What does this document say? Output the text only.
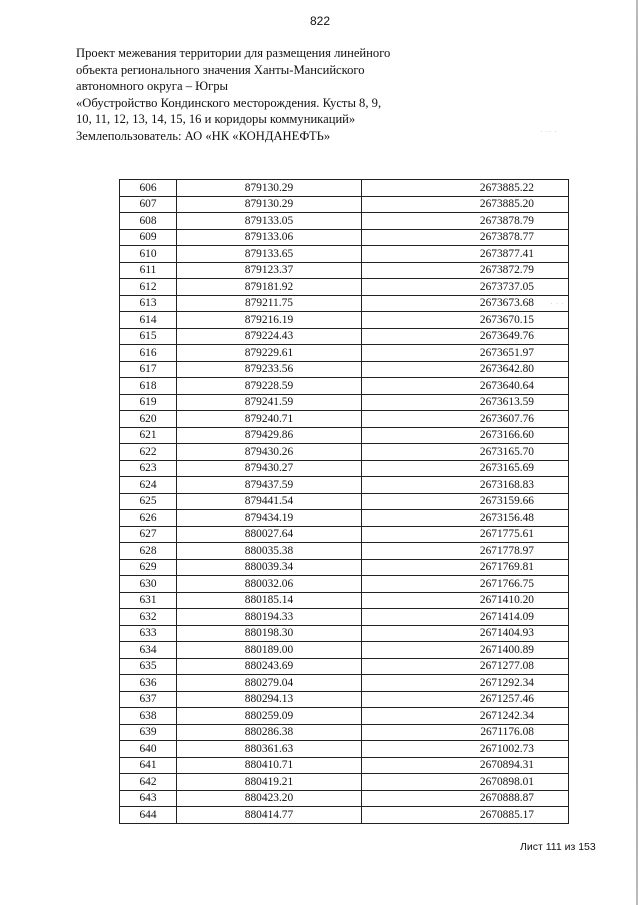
822
Проект межевания территории для размещения линейного
объекта регионального значения Ханты-Мансийского
автономного округа – Югры
«Обустройство Кондинского месторождения. Кусты 8, 9,
10, 11, 12, 13, 14, 15, 16 и коридоры коммуникаций»
Землепользователь: АО «НК «КОНДАНЕФТЬ»
606	879130.29	2673885.22
607	879130.29	2673885.20
608	879133.05	2673878.79
609	879133.06	2673878.77
610	879133.65	2673877.41
611	879123.37	2673872.79
612	879181.92	2673737.05
613	879211.75	2673673.68
614	879216.19	2673670.15
615	879224.43	2673649.76
616	879229.61	2673651.97
617	879233.56	2673642.80
618	879228.59	2673640.64
619	879241.59	2673613.59
620	879240.71	2673607.76
621	879429.86	2673166.60
622	879430.26	2673165.70
623	879430.27	2673165.69
624	879437.59	2673168.83
625	879441.54	2673159.66
626	879434.19	2673156.48
627	880027.64	2671775.61
628	880035.38	2671778.97
629	880039.34	2671769.81
630	880032.06	2671766.75
631	880185.14	2671410.20
632	880194.33	2671414.09
633	880198.30	2671404.93
634	880189.00	2671400.89
635	880243.69	2671277.08
636	880279.04	2671292.34
637	880294.13	2671257.46
638	880259.09	2671242.34
639	880286.38	2671176.08
640	880361.63	2671002.73
641	880410.71	2670894.31
642	880419.21	2670898.01
643	880423.20	2670888.87
644	880414.77	2670885.17
Лист 111 из 153
· ·· ·
· · ·
